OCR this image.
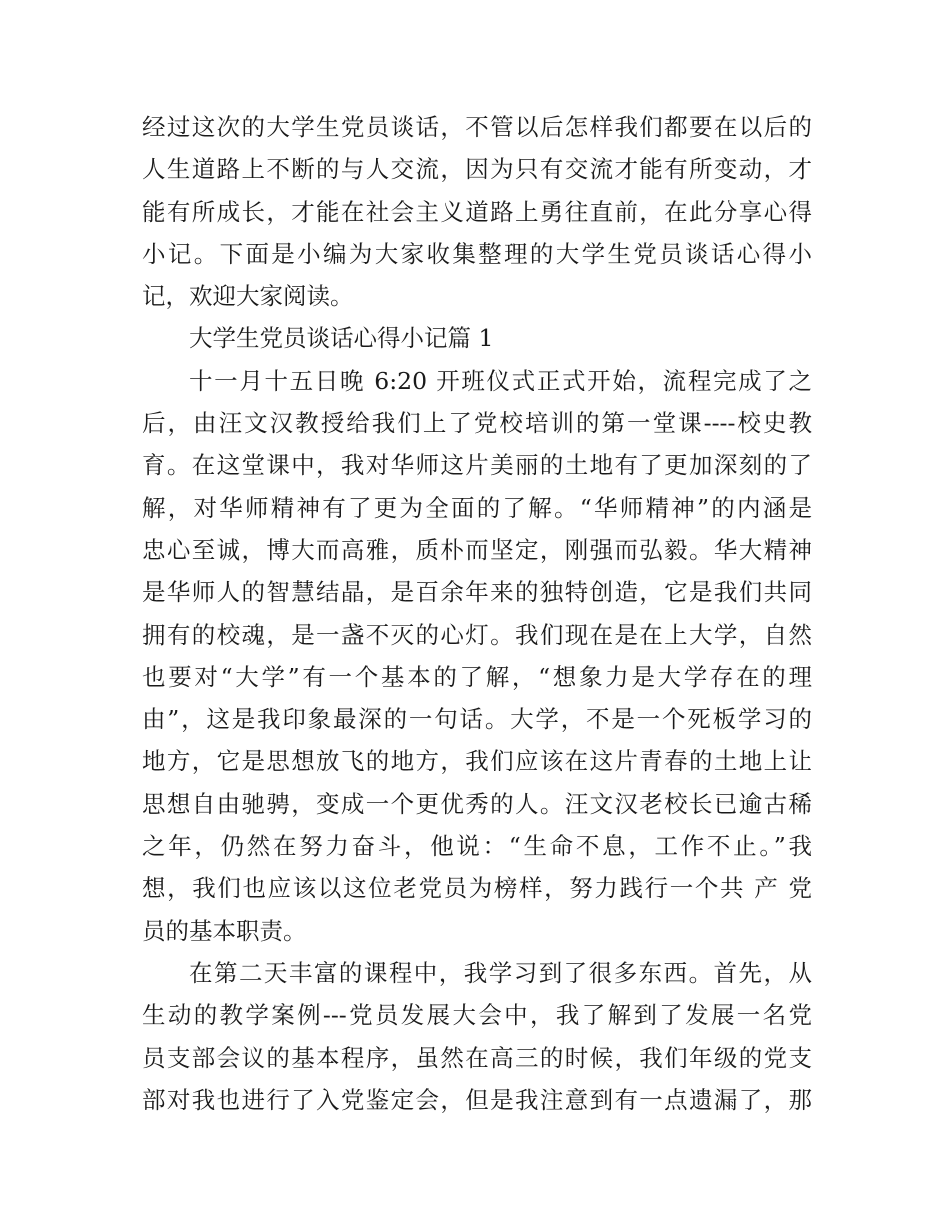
经过这次的大学生党员谈话，不管以后怎样我们都要在以后的
人生道路上不断的与人交流，因为只有交流才能有所变动，才
能有所成长，才能在社会主义道路上勇往直前，在此分享心得
小记。下面是小编为大家收集整理的大学生党员谈话心得小
记，欢迎大家阅读。
大学生党员谈话心得小记篇 1
十一月十五日晚 6:20 开班仪式正式开始，流程完成了之
后，由汪文汉教授给我们上了党校培训的第一堂课----校史教
育。在这堂课中，我对华师这片美丽的土地有了更加深刻的了
解，对华师精神有了更为全面的了解。“华师精神”的内涵是
忠心至诚，博大而高雅，质朴而坚定，刚强而弘毅。华大精神
是华师人的智慧结晶，是百余年来的独特创造，它是我们共同
拥有的校魂，是一盏不灭的心灯。我们现在是在上大学，自然
也要对“大学”有一个基本的了解，“想象力是大学存在的理
由”，这是我印象最深的一句话。大学，不是一个死板学习的
地方，它是思想放飞的地方，我们应该在这片青春的土地上让
思想自由驰骋，变成一个更优秀的人。汪文汉老校长已逾古稀
之年，仍然在努力奋斗，他说：“生命不息，工作不止。”我
想，我们也应该以这位老党员为榜样，努力践行一个共 产 党
员的基本职责。
在第二天丰富的课程中，我学习到了很多东西。首先，从
生动的教学案例---党员发展大会中，我了解到了发展一名党
员支部会议的基本程序，虽然在高三的时候，我们年级的党支
部对我也进行了入党鉴定会，但是我注意到有一点遗漏了，那
